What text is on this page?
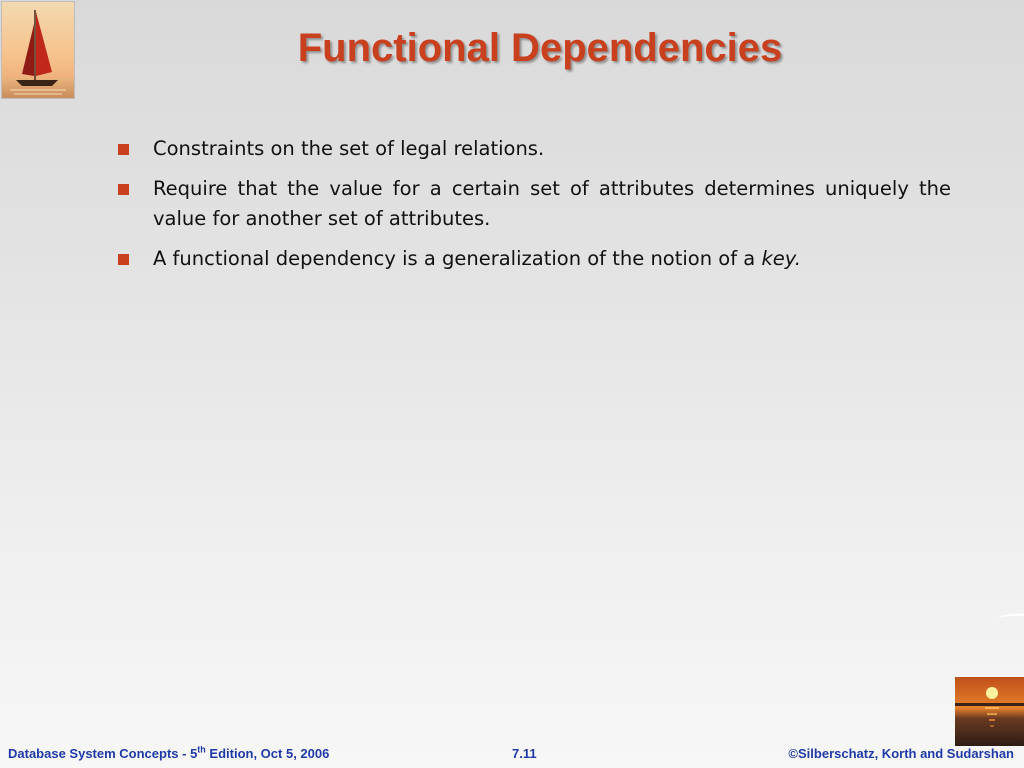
Functional Dependencies
Constraints on the set of legal relations.
Require that the value for a certain set of attributes determines uniquely the value for another set of attributes.
A functional dependency is a generalization of the notion of a key.
Database System Concepts - 5th Edition, Oct 5, 2006	7.11	©Silberschatz, Korth and Sudarshan
